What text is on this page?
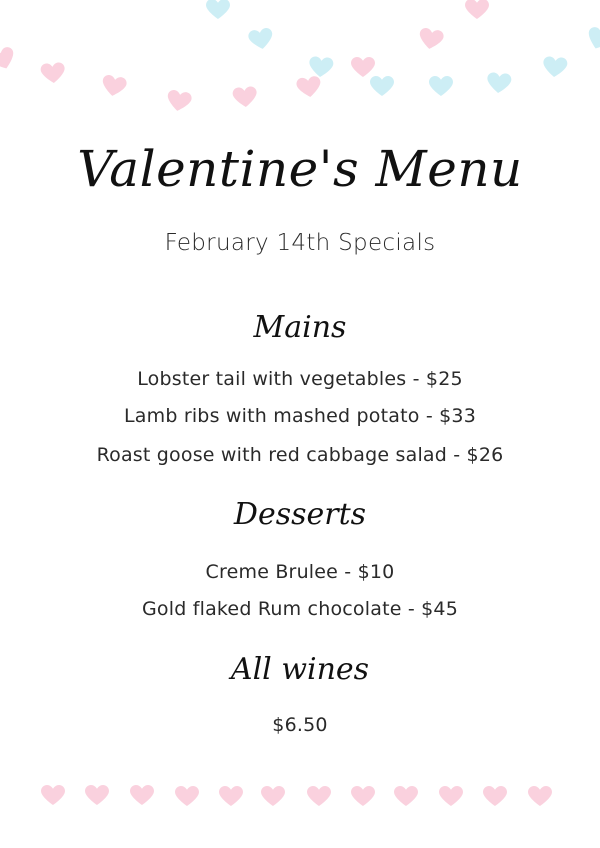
Valentine's Menu
February 14th Specials
Mains
Lobster tail with vegetables - $25
Lamb ribs with mashed potato - $33
Roast goose with red cabbage salad - $26
Desserts
Creme Brulee - $10
Gold flaked Rum chocolate - $45
All wines
$6.50
